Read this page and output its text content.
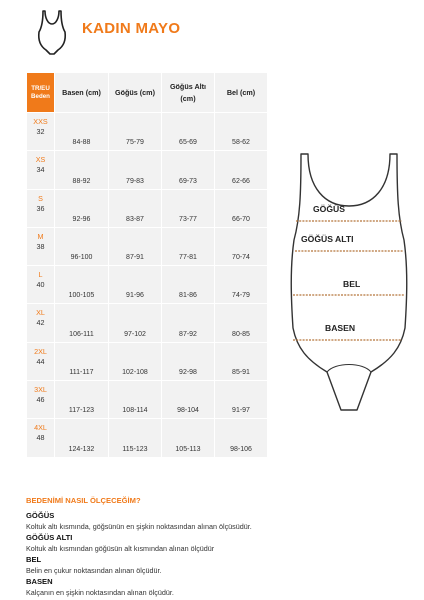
KADIN MAYO
TR/EU
Beden	Basen (cm)	Göğüs (cm)	Göğüs Altı (cm)	Bel (cm)

XXS
32	84-88	75-79	65-69	58-62

XS
34	88-92	79-83	69-73	62-66

S
36	92-96	83-87	73-77	66-70

M
38	96-100	87-91	77-81	70-74

L
40	100-105	91-96	81-86	74-79

XL
42	106-111	97-102	87-92	80-85

2XL
44	111-117	102-108	92-98	85-91

3XL
46	117-123	108-114	98-104	91-97

4XL
48	124-132	115-123	105-113	98-106
GÖĞÜS
GÖĞÜS ALTI
BEL
BASEN
BEDENİMİ NASIL ÖLÇECEĞİM?
GÖĞÜS
Koltuk altı kısmında, göğsünün en şişkin noktasından alınan ölçüsüdür.
GÖĞÜS ALTI
Koltuk altı kısmından göğüsün alt kısmından alınan ölçüdür
BEL
Belin en çukur noktasından alınan ölçüdür.
BASEN
Kalçanın en şişkin noktasından alınan ölçüdür.
